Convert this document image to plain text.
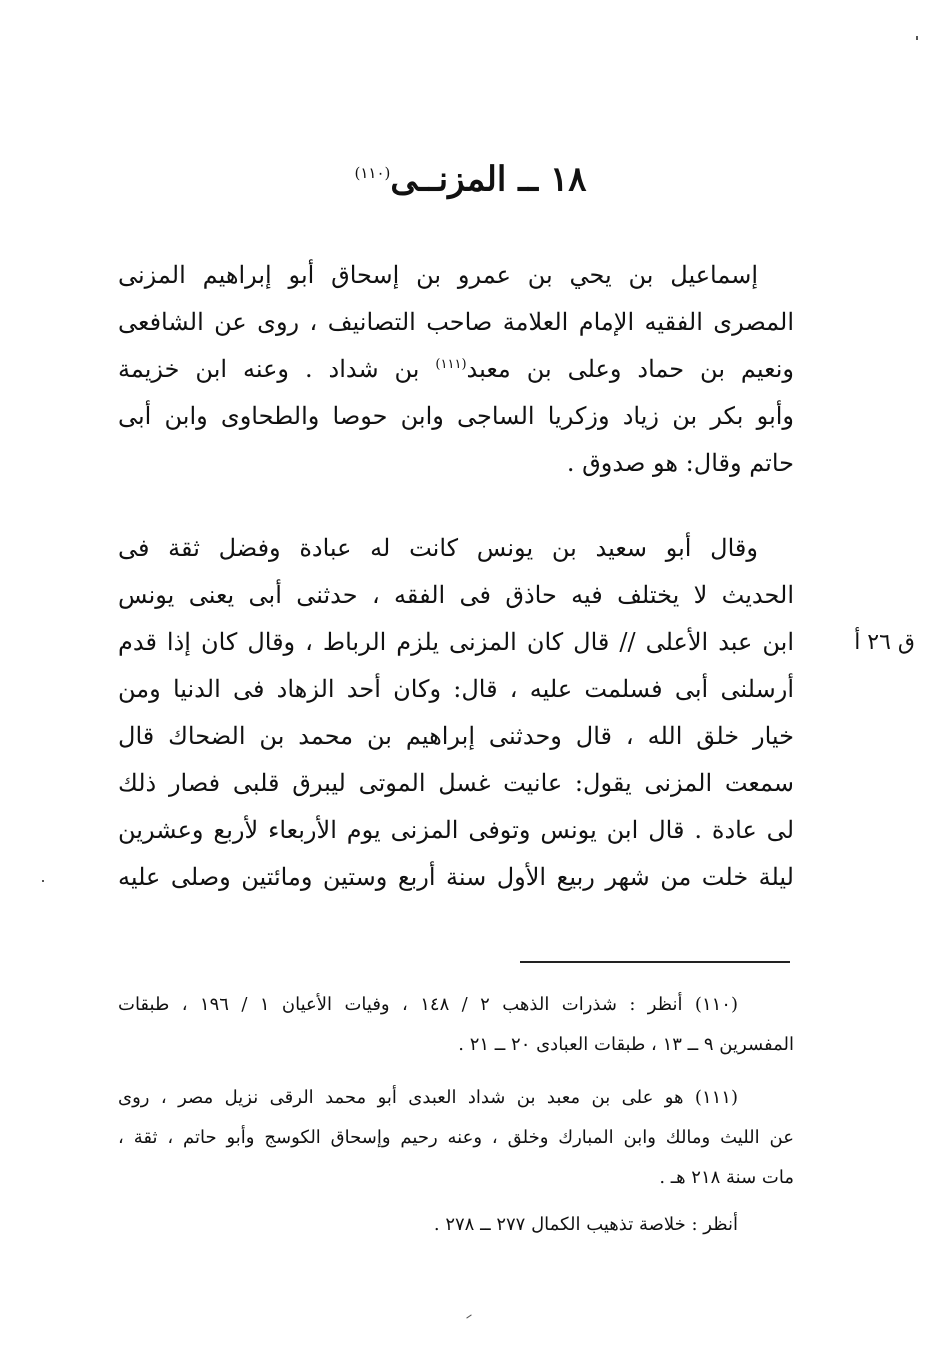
١٨ ــ المزنــى$^{(١١٠)}$
إسماعيل بن يحي بن عمرو بن إسحاق أبو إبراهيم المزنى
المصرى الفقيه الإمام العلامة صاحب التصانيف ، روى عن الشافعى
ونعيم بن حماد وعلى بن معبد$^{(١١١)}$ بن شداد . وعنه ابن خزيمة
وأبو بكر بن زياد وزكريا الساجى وابن حوصا والطحاوى وابن أبى
حاتم وقال: هو صدوق .
وقال أبو سعيد بن يونس كانت له عبادة وفضل ثقة فى
الحديث لا يختلف فيه حاذق فى الفقه ، حدثنى أبى يعنى يونس
ابن عبد الأعلى // قال كان المزنى يلزم الرباط ، وقال كان إذا قدم
أرسلنى أبى فسلمت عليه ، قال: وكان أحد الزهاد فى الدنيا ومن
خيار خلق الله ، قال وحدثنى إبراهيم بن محمد بن الضحاك قال
سمعت المزنى يقول: عانيت غسل الموتى ليبرق قلبى فصار ذلك
لى عادة . قال ابن يونس وتوفى المزنى يوم الأربعاء لأربع وعشرين
ليلة خلت من شهر ربيع الأول سنة أربع وستين ومائتين وصلى عليه
ق ٢٦ أ
(١١٠) أنظر : شذرات الذهب ٢ / ١٤٨ ، وفيات الأعيان ١ / ١٩٦ ، طبقات
المفسرين ٩ ــ ١٣ ، طبقات العبادى ٢٠ ــ ٢١ .
(١١١) هو على بن معبد بن شداد العبدى أبو محمد الرقى نزيل مصر ، روى
عن الليث ومالك وابن المبارك وخلق ، وعنه رحيم وإسحاق الكوسج وأبو حاتم ، ثقة ،
مات سنة ٢١٨ هـ .
أنظر : خلاصة تذهيب الكمال ٢٧٧ ــ ٢٧٨ .
